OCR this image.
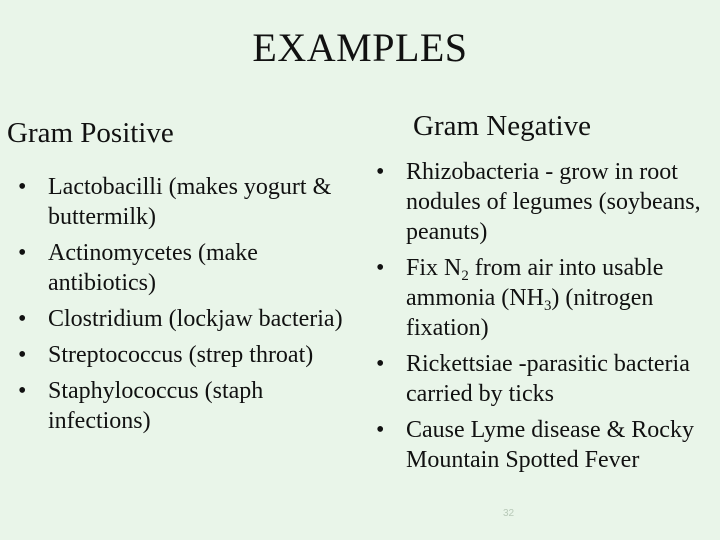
EXAMPLES
Gram Positive	Gram Negative
• Lactobacilli (makes yogurt & buttermilk)
• Actinomycetes (make antibiotics)
• Clostridium (lockjaw bacteria)
• Streptococcus (strep throat)
• Staphylococcus (staph infections)
• Rhizobacteria - grow in root nodules of legumes (soybeans, peanuts)
• Fix $N_2$ from air into usable ammonia $(NH_3)$ (nitrogen fixation)
• Rickettsiae -parasitic bacteria carried by ticks
• Cause Lyme disease & Rocky Mountain Spotted Fever
32
